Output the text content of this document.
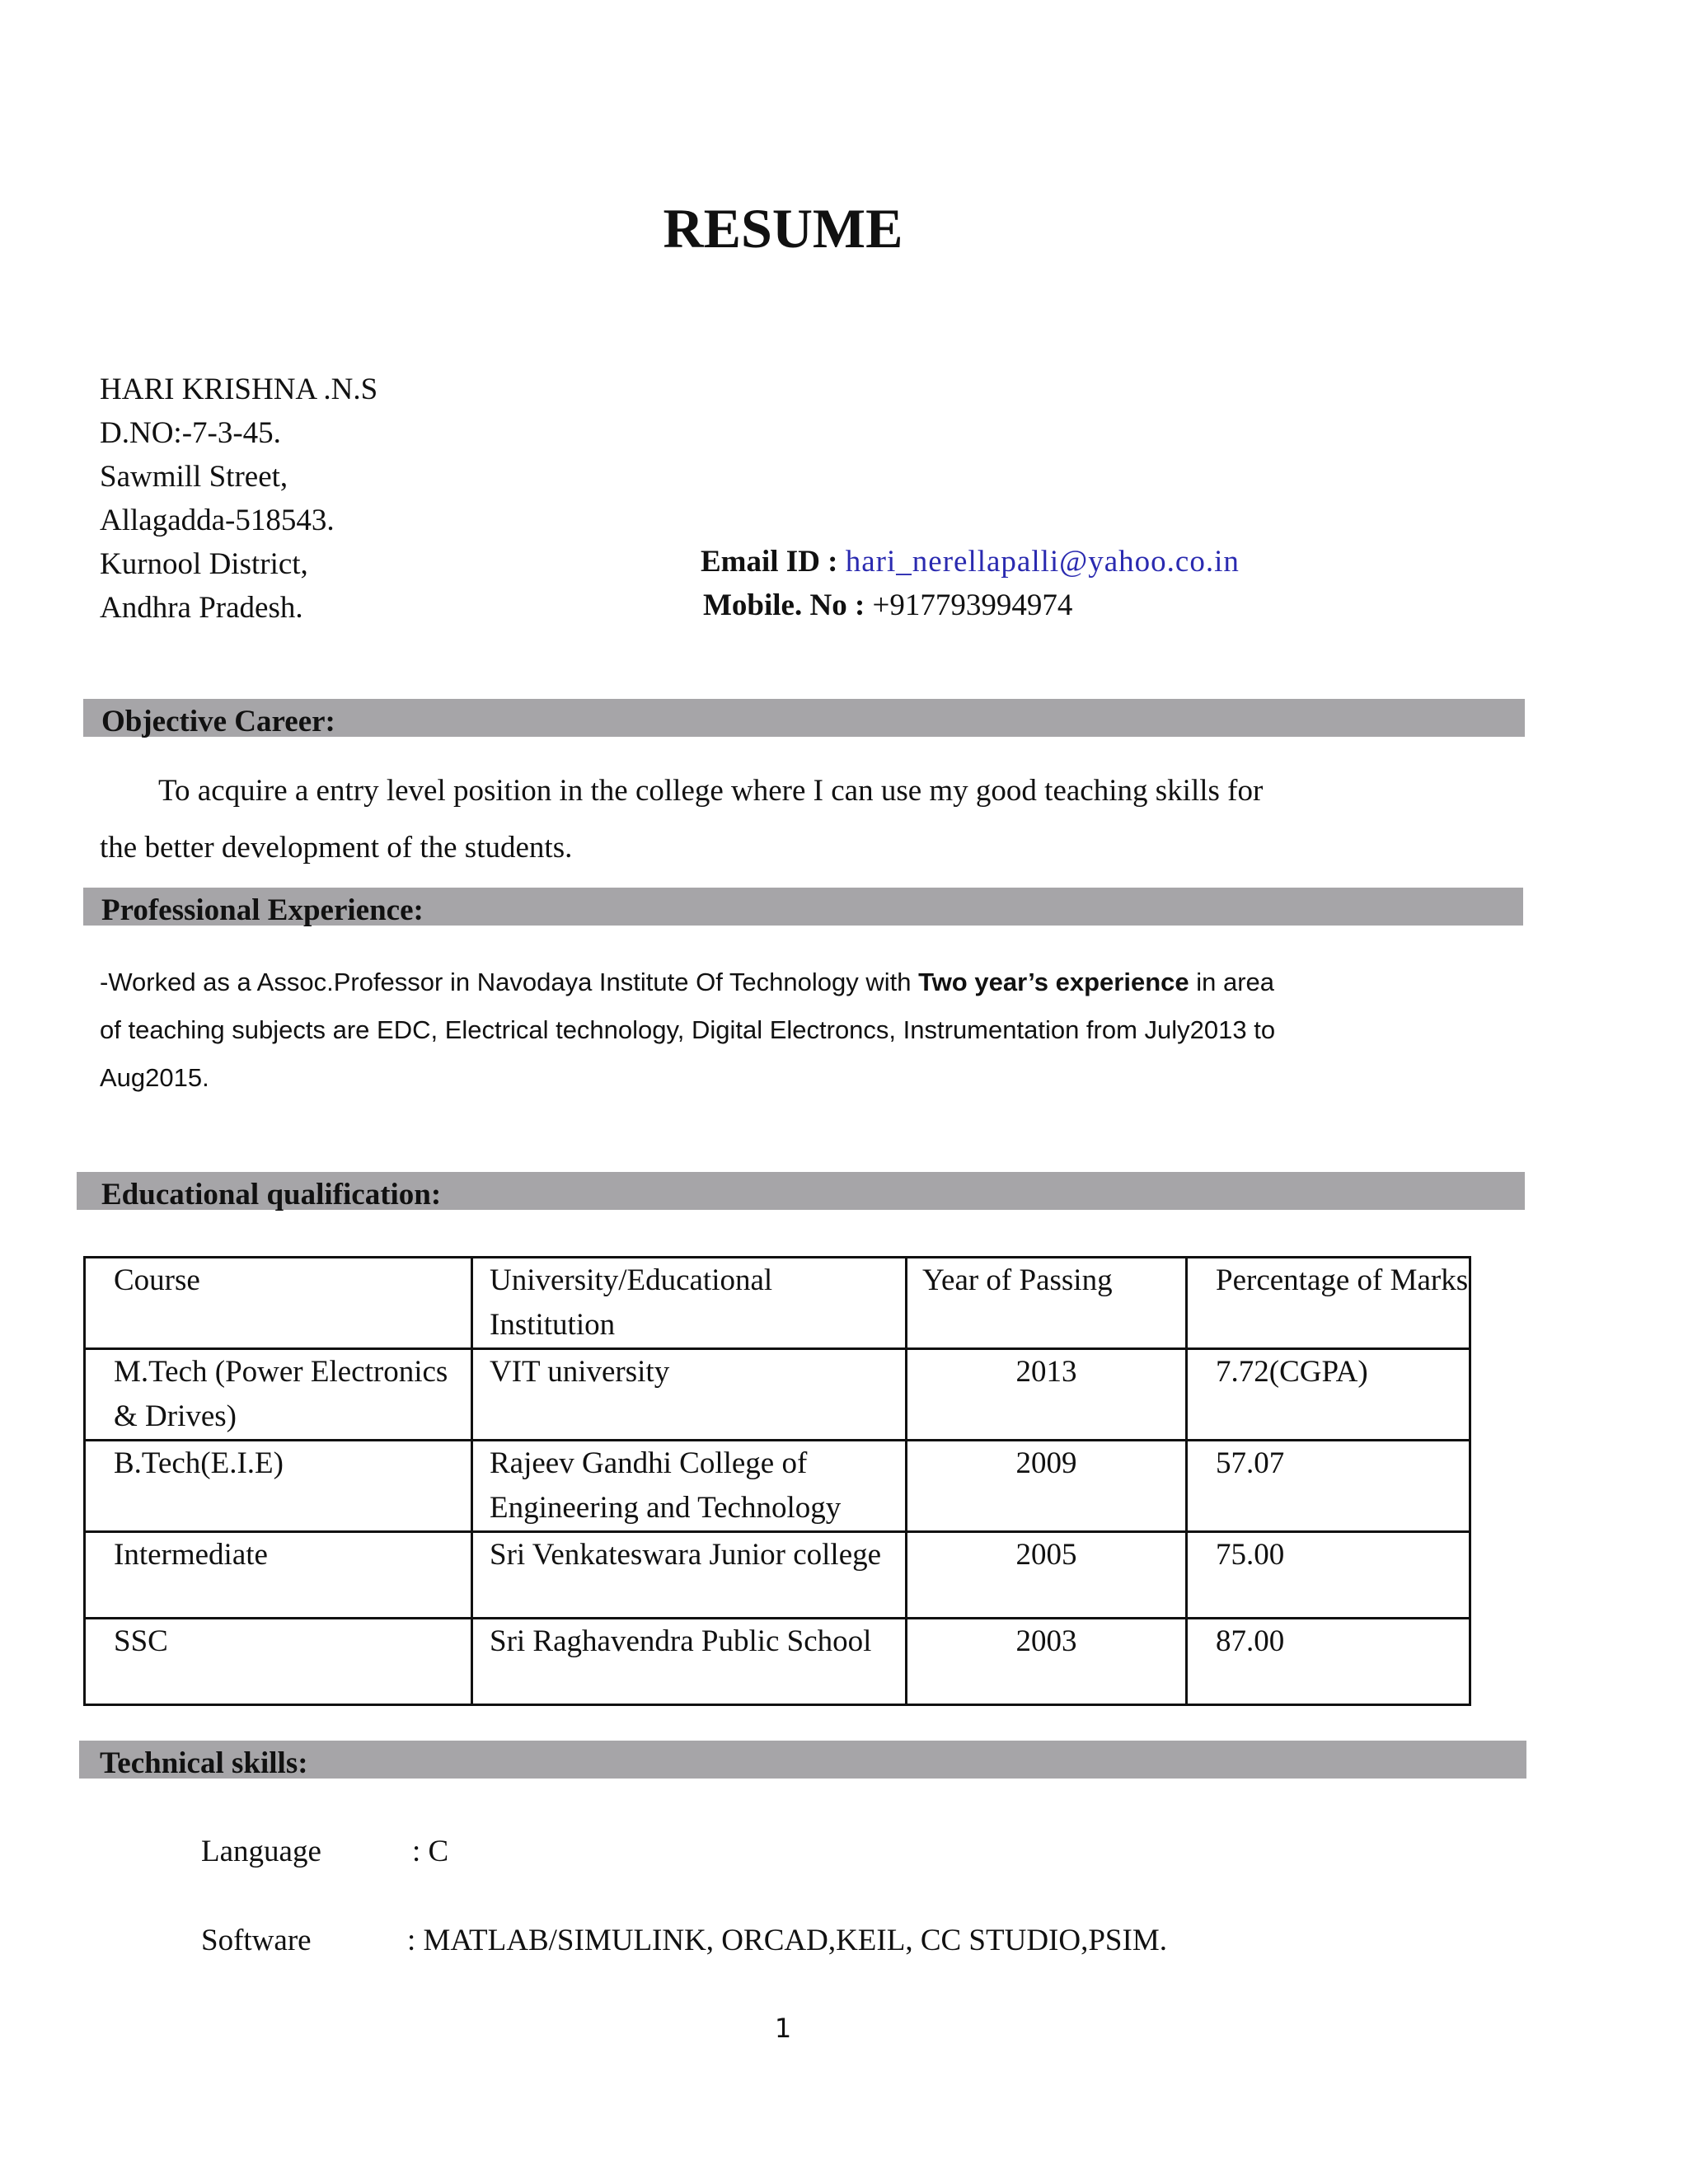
RESUME
HARI KRISHNA .N.S
D.NO:-7-3-45.
Sawmill Street,
Allagadda-518543.
Kurnool District,
Andhra Pradesh.
Email ID : hari_nerellapalli@yahoo.co.in
Mobile. No : +917793994974
Objective Career:
To acquire a entry level position in the college where I can use my good teaching skills for
the better development of the students.
Professional Experience:
-Worked as a Assoc.Professor in Navodaya Institute Of Technology with Two year’s experience in area
of teaching subjects are EDC, Electrical technology, Digital Electroncs, Instrumentation from July2013 to
Aug2015.
Educational qualification:
Course	University/Educational Institution	Year of Passing	Percentage of Marks
M.Tech (Power Electronics & Drives)	VIT university	2013	7.72(CGPA)
B.Tech(E.I.E)	Rajeev Gandhi College of Engineering and Technology	2009	57.07
Intermediate	Sri Venkateswara Junior college	2005	75.00
SSC	Sri Raghavendra Public School	2003	87.00
Technical skills:
Language	: C
Software	: MATLAB/SIMULINK, ORCAD,KEIL, CC STUDIO,PSIM.
1
